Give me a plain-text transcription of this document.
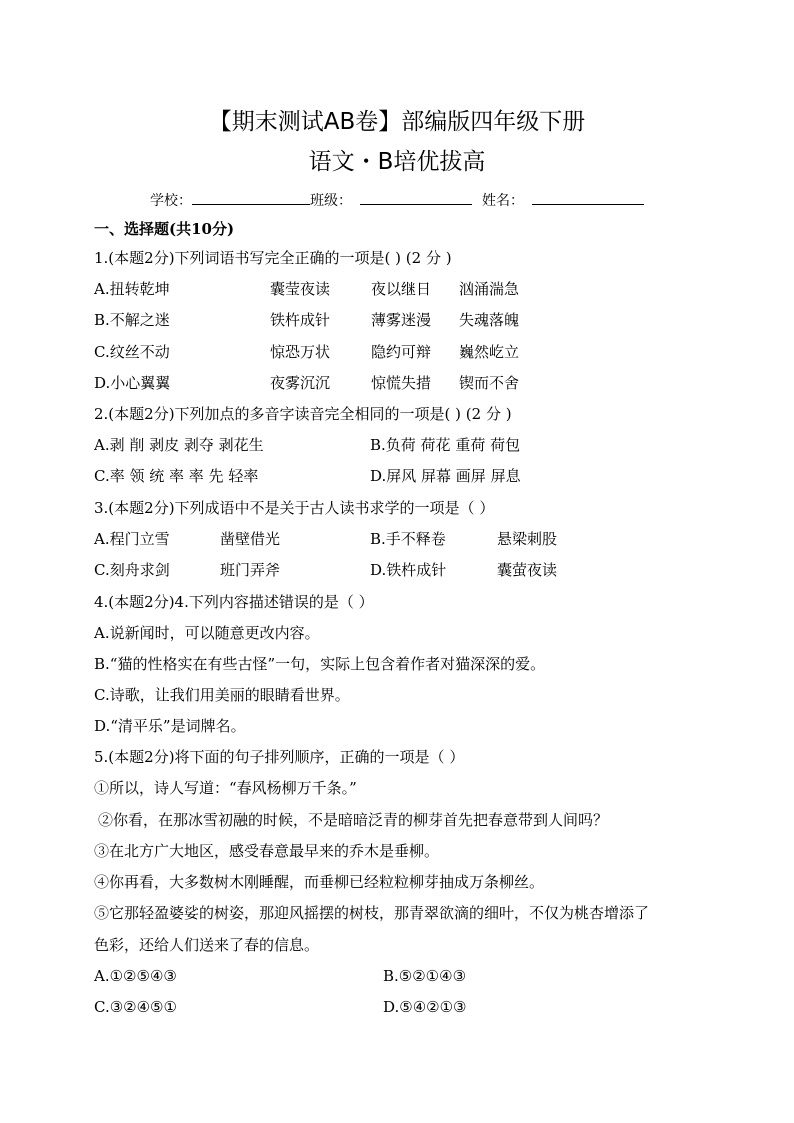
【期末测试AB卷】部编版四年级下册
语文・B培优拔高
学校：	班级：	姓名：
一、选择题(共10分)
1.(本题2分)下列词语书写完全正确的一项是( ) (2 分 )
A.扭转乾坤	囊莹夜读	夜以继日 汹涌湍急
B.不解之迷	铁杵成针	薄雾迷漫 失魂落魄
C.纹丝不动	惊恐万状	隐约可辩 巍然屹立
D.小心翼翼	夜雾沉沉	惊慌失措 锲而不舍
2.(本题2分)下列加点的多音字读音完全相同的一项是( ) (2 分 )
A.剥 削 剥皮 剥夺 剥花生	B.负荷 荷花 重荷 荷包
C.率 领 统 率 率 先 轻率	D.屏风 屏幕 画屏 屏息
3.(本题2分)下列成语中不是关于古人读书求学的一项是（ ）
A.程门立雪	凿壁借光	B.手不释卷	悬梁刺股
C.刻舟求剑	班门弄斧	D.铁杵成针	囊萤夜读
4.(本题2分)4.下列内容描述错误的是（ ）
A.说新闻时，可以随意更改内容。
B.“猫的性格实在有些古怪”一句，实际上包含着作者对猫深深的爱。
C.诗歌，让我们用美丽的眼睛看世界。
D.“清平乐”是词牌名。
5.(本题2分)将下面的句子排列顺序，正确的一项是（ ）
①所以，诗人写道：“春风杨柳万千条。”
②你看，在那冰雪初融的时候，不是暗暗泛青的柳芽首先把春意带到人间吗？
③在北方广大地区，感受春意最早来的乔木是垂柳。
④你再看，大多数树木刚睡醒，而垂柳已经粒粒柳芽抽成万条柳丝。
⑤它那轻盈婆娑的树姿，那迎风摇摆的树枝，那青翠欲滴的细叶，不仅为桃杏增添了
色彩，还给人们送来了春的信息。
A.①②⑤④③	B.⑤②①④③
C.③②④⑤①	D.⑤④②①③
